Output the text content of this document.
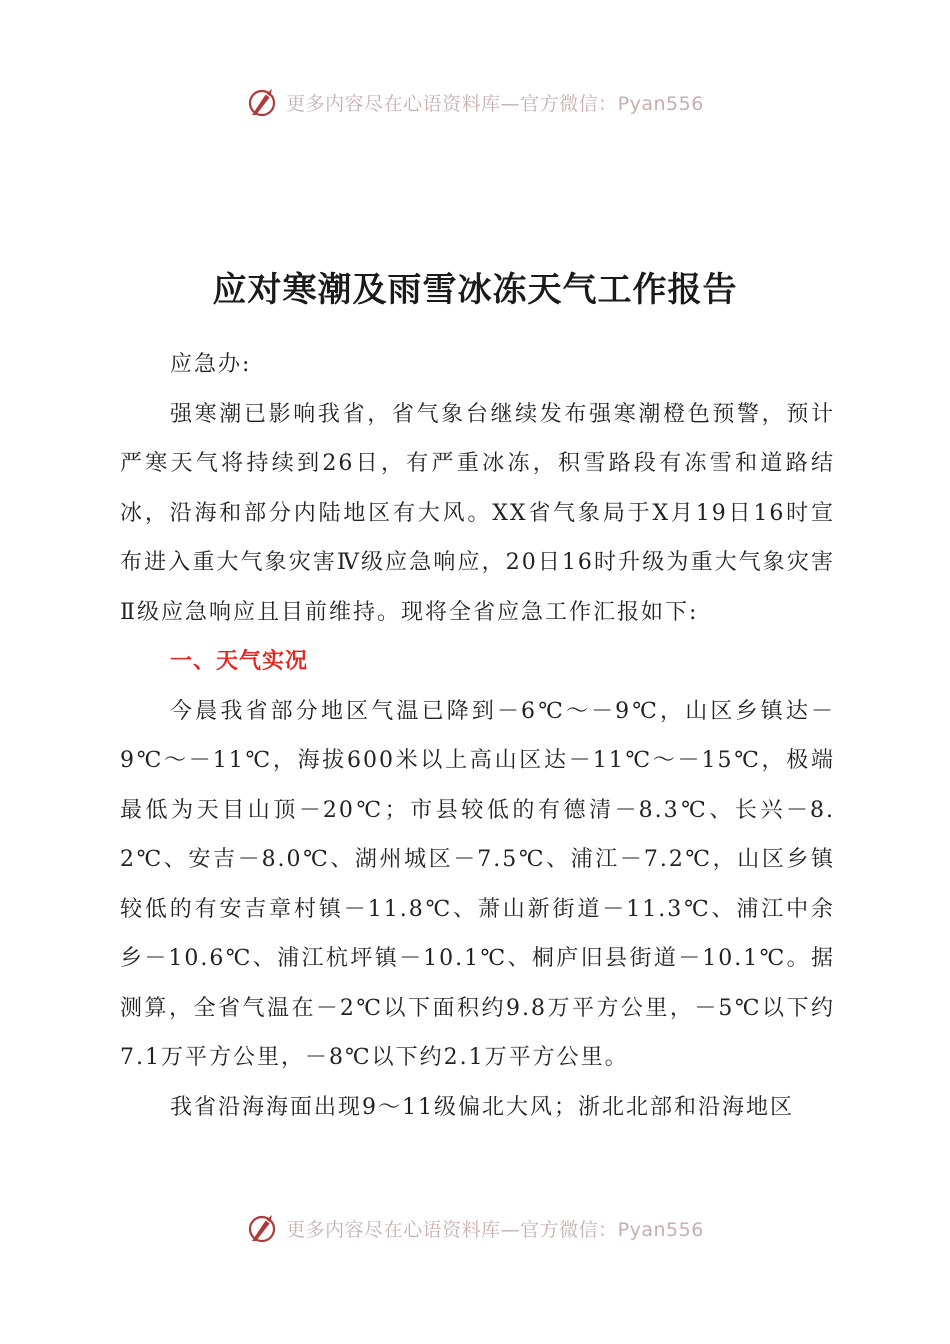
更多内容尽在心语资料库—官方微信：Pyan556
应对寒潮及雨雪冰冻天气工作报告

应急办:

强寒潮已影响我省，省气象台继续发布强寒潮橙色预警，预计严寒天气将持续到26日，有严重冰冻，积雪路段有冻雪和道路结冰，沿海和部分内陆地区有大风。XX省气象局于X月19日16时宣布进入重大气象灾害Ⅳ级应急响应，20日16时升级为重大气象灾害Ⅱ级应急响应且目前维持。现将全省应急工作汇报如下:

一、天气实况

今晨我省部分地区气温已降到－6℃～－9℃，山区乡镇达－9℃～－11℃，海拔600米以上高山区达－11℃～－15℃，极端最低为天目山顶－20℃；市县较低的有德清－8.3℃、长兴－8.2℃、安吉－8.0℃、湖州城区－7.5℃、浦江－7.2℃，山区乡镇较低的有安吉章村镇－11.8℃、萧山新街道－11.3℃、浦江中余乡－10.6℃、浦江杭坪镇－10.1℃、桐庐旧县街道－10.1℃。据测算，全省气温在－2℃以下面积约9.8万平方公里，－5℃以下约7.1万平方公里，－8℃以下约2.1万平方公里。

我省沿海海面出现9～11级偏北大风；浙北北部和沿海地区

更多内容尽在心语资料库—官方微信：Pyan556
